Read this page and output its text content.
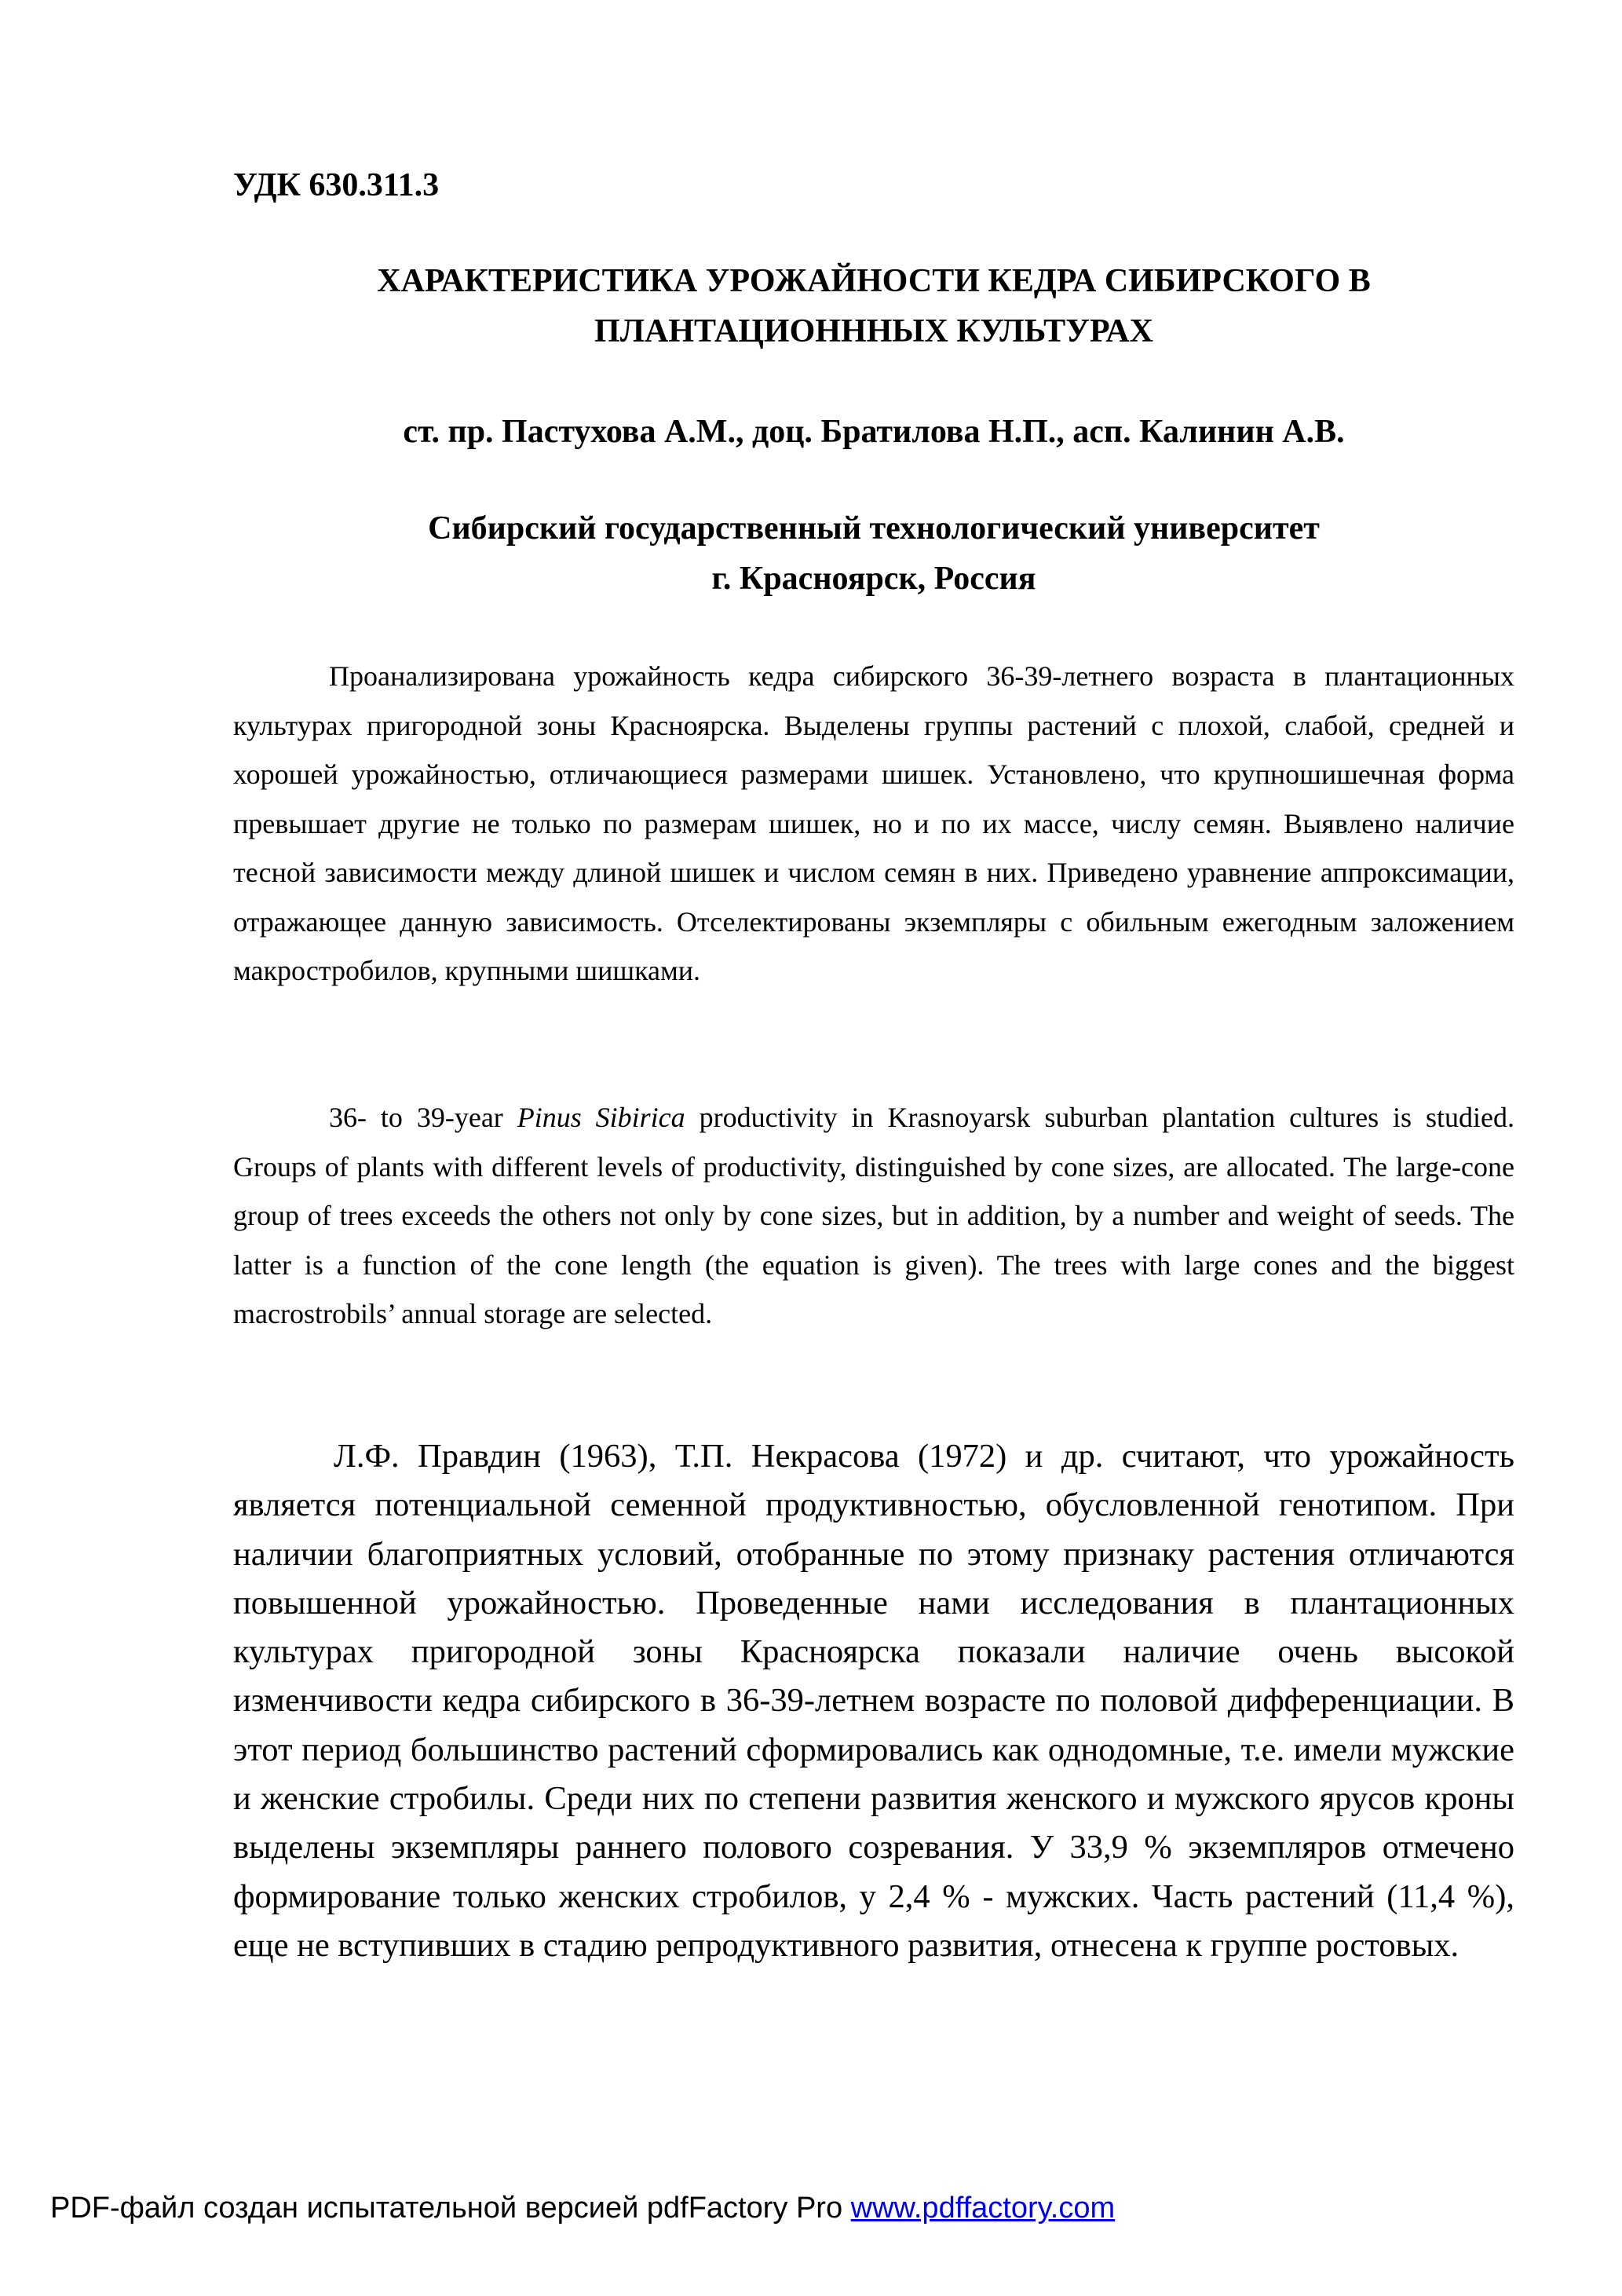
УДК 630.311.3
ХАРАКТЕРИСТИКА УРОЖАЙНОСТИ КЕДРА СИБИРСКОГО В
ПЛАНТАЦИОНННЫХ КУЛЬТУРАХ
ст. пр. Пастухова А.М., доц. Братилова Н.П., асп. Калинин А.В.
Сибирский государственный технологический университет
г. Красноярск, Россия

Проанализирована урожайность кедра сибирского 36-39-летнего возраста в плантационных культурах пригородной зоны Красноярска. Выделены группы растений с плохой, слабой, средней и хорошей урожайностью, отличающиеся размерами шишек. Установлено, что крупношишечная форма превышает другие не только по размерам шишек, но и по их массе, числу семян. Выявлено наличие тесной зависимости между длиной шишек и числом семян в них. Приведено уравнение аппроксимации, отражающее данную зависимость. Отселектированы экземпляры с обильным ежегодным заложением макростробилов, крупными шишками.

36- to 39-year Pinus Sibirica productivity in Krasnoyarsk suburban plantation cultures is studied. Groups of plants with different levels of productivity, distinguished by cone sizes, are allocated. The large-cone group of trees exceeds the others not only by cone sizes, but in addition, by a number and weight of seeds. The latter is a function of the cone length (the equation is given). The trees with large cones and the biggest macrostrobils’ annual storage are selected.

Л.Ф. Правдин (1963), Т.П. Некрасова (1972) и др. считают, что урожайность является потенциальной семенной продуктивностью, обусловленной генотипом. При наличии благоприятных условий, отобранные по этому признаку растения отличаются повышенной урожайностью. Проведенные нами исследования в плантационных культурах пригородной зоны Красноярска показали наличие очень высокой изменчивости кедра сибирского в 36-39-летнем возрасте по половой дифференциации. В этот период большинство растений сформировались как однодомные, т.е. имели мужские и женские стробилы. Среди них по степени развития женского и мужского ярусов кроны выделены экземпляры раннего полового созревания. У 33,9 % экземпляров отмечено формирование только женских стробилов, у 2,4 % - мужских. Часть растений (11,4 %), еще не вступивших в стадию репродуктивного развития, отнесена к группе ростовых.

PDF-файл создан испытательной версией pdfFactory Pro www.pdffactory.com
